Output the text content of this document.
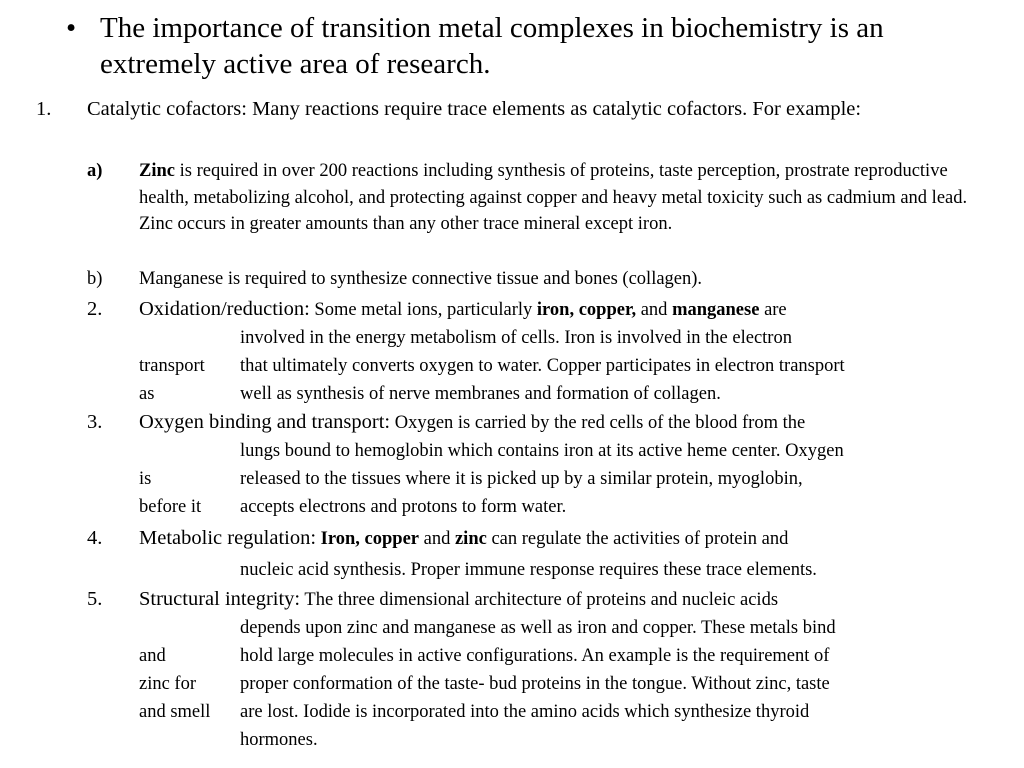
• The importance of transition metal complexes in biochemistry is an extremely active area of research.
1. Catalytic cofactors: Many reactions require trace elements as catalytic cofactors. For example:
a) Zinc is required in over 200 reactions including synthesis of proteins, taste perception, prostrate reproductive health, metabolizing alcohol, and protecting against copper and heavy metal toxicity such as cadmium and lead. Zinc occurs in greater amounts than any other trace mineral except iron.
b) Manganese is required to synthesize connective tissue and bones (collagen).
2. Oxidation/reduction: Some metal ions, particularly iron, copper, and manganese are
involved in the energy metabolism of cells. Iron is involved in the electron
transport	that ultimately converts oxygen to water. Copper participates in electron transport
as	well as synthesis of nerve membranes and formation of collagen.
3. Oxygen binding and transport: Oxygen is carried by the red cells of the blood from the
lungs bound to hemoglobin which contains iron at its active heme center. Oxygen
is	released to the tissues where it is picked up by a similar protein, myoglobin,
before it	accepts electrons and protons to form water.
4. Metabolic regulation: Iron, copper and zinc can regulate the activities of protein and
nucleic acid synthesis. Proper immune response requires these trace elements.
5. Structural integrity: The three dimensional architecture of proteins and nucleic acids
depends upon zinc and manganese as well as iron and copper. These metals bind
and	hold large molecules in active configurations. An example is the requirement of
zinc for	proper conformation of the taste- bud proteins in the tongue. Without zinc, taste
and smell	are lost. Iodide is incorporated into the amino acids which synthesize thyroid
hormones.
